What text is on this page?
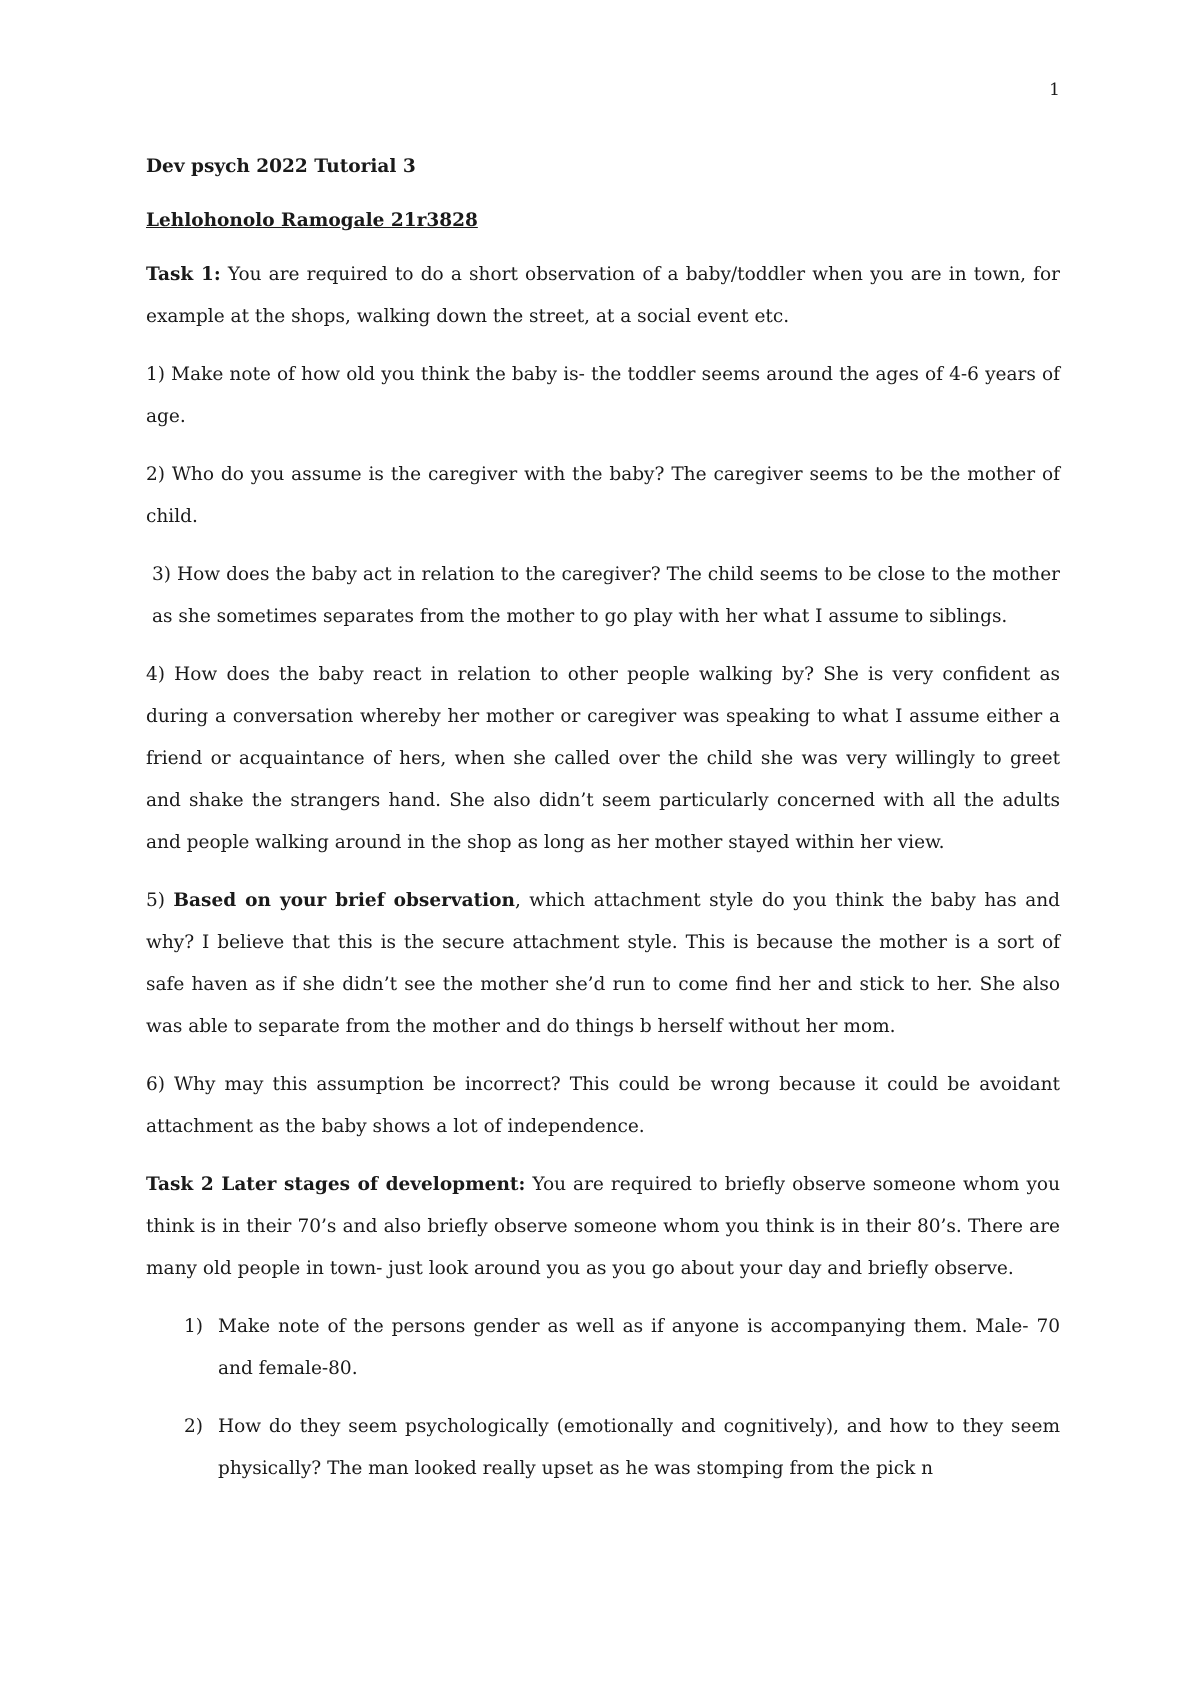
1

Dev psych 2022 Tutorial 3

Lehlohonolo Ramogale 21r3828

Task 1: You are required to do a short observation of a baby/toddler when you are in town, for example at the shops, walking down the street, at a social event etc.

1) Make note of how old you think the baby is- the toddler seems around the ages of 4-6 years of age.

2) Who do you assume is the caregiver with the baby? The caregiver seems to be the mother of child.

3) How does the baby act in relation to the caregiver? The child seems to be close to the mother as she sometimes separates from the mother to go play with her what I assume to siblings.

4) How does the baby react in relation to other people walking by? She is very confident as during a conversation whereby her mother or caregiver was speaking to what I assume either a friend or acquaintance of hers, when she called over the child she was very willingly to greet and shake the strangers hand. She also didn’t seem particularly concerned with all the adults and people walking around in the shop as long as her mother stayed within her view.

5) Based on your brief observation, which attachment style do you think the baby has and why? I believe that this is the secure attachment style. This is because the mother is a sort of safe haven as if she didn’t see the mother she’d run to come find her and stick to her. She also was able to separate from the mother and do things b herself without her mom.

6) Why may this assumption be incorrect? This could be wrong because it could be avoidant attachment as the baby shows a lot of independence.

Task 2 Later stages of development: You are required to briefly observe someone whom you think is in their 70’s and also briefly observe someone whom you think is in their 80’s. There are many old people in town- just look around you as you go about your day and briefly observe.

1) Make note of the persons gender as well as if anyone is accompanying them. Male- 70 and female-80.
2) How do they seem psychologically (emotionally and cognitively), and how to they seem physically? The man looked really upset as he was stomping from the pick n
